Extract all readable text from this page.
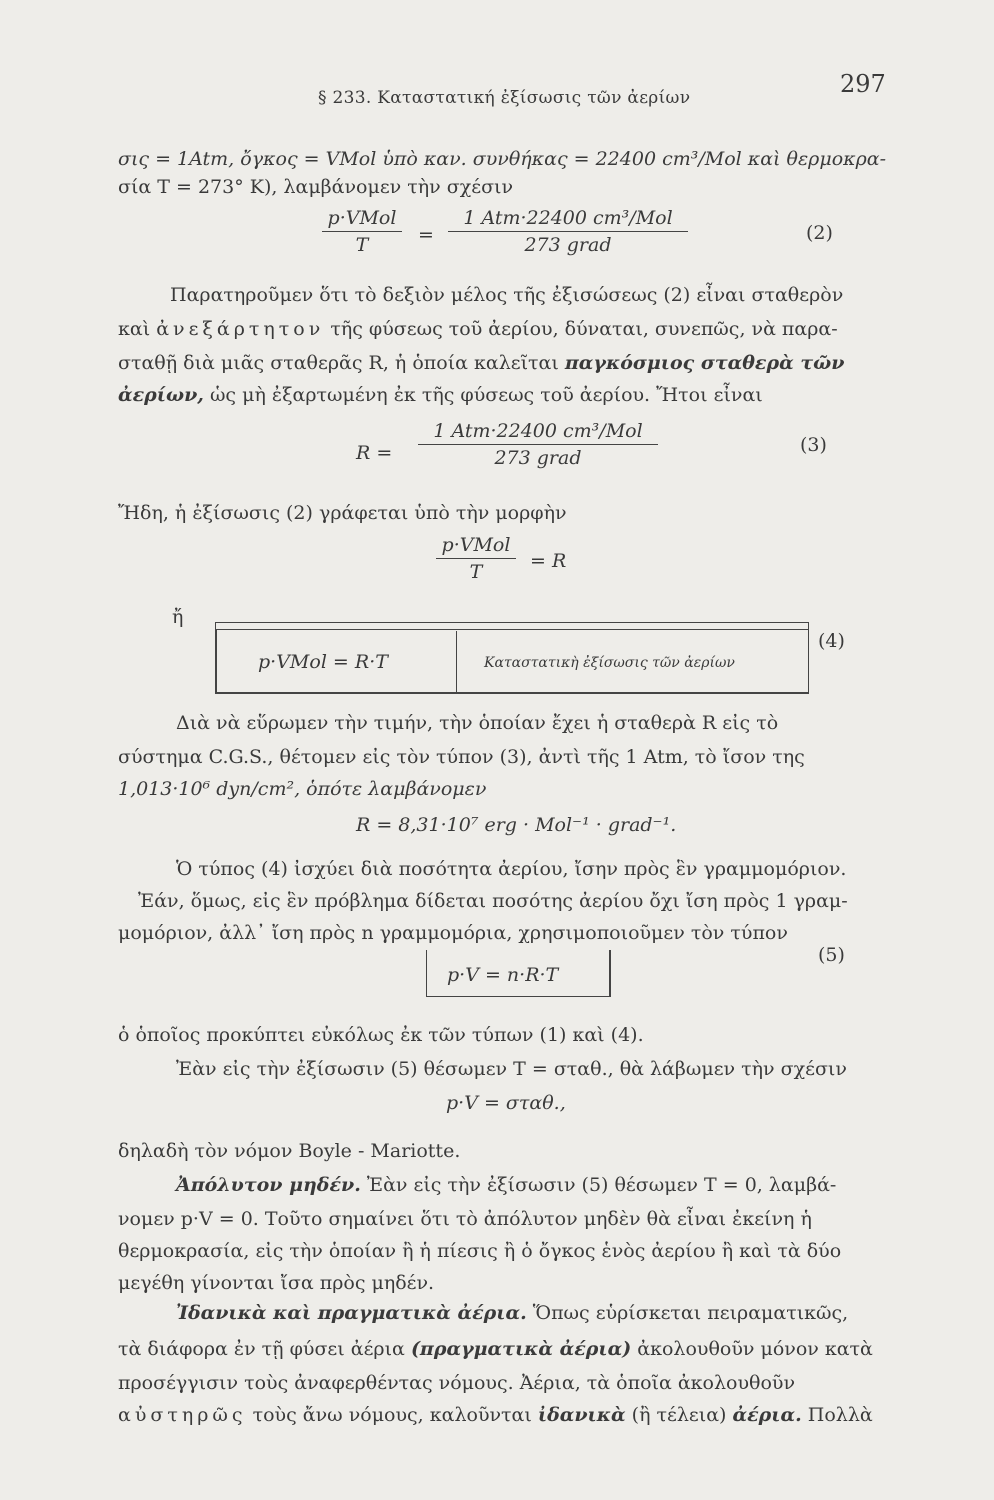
§ 233. Καταστατική ἐξίσωσις τῶν ἀερίων	297
σις = 1Atm, ὄγκος = VMol ὑπὸ καν. συνθήκας = 22400 cm³/Mol καὶ θερμοκρα-
σία T = 273° K), λαμβάνομεν τὴν σχέσιν
p·VMol
T	=
1 Atm·22400 cm³/Mol
273 grad
(2)
Παρατηροῦμεν ὅτι τὸ δεξιὸν μέλος τῆς ἐξισώσεως (2) εἶναι σταθερὸν
καὶ ἀνεξάρτητον τῆς φύσεως τοῦ ἀερίου, δύναται, συνεπῶς, νὰ παρα-
σταθῇ διὰ μιᾶς σταθερᾶς R, ἡ ὁποία καλεῖται παγκόσμιος σταθερὰ τῶν
ἀερίων, ὡς μὴ ἐξαρτωμένη ἐκ τῆς φύσεως τοῦ ἀερίου. Ἤτοι εἶναι
R =
1 Atm·22400 cm³/Mol
273 grad
(3)
Ἤδη, ἡ ἐξίσωσις (2) γράφεται ὑπὸ τὴν μορφὴν
p·VMol
T	= R
ἤ
p·VMol = R·T	Καταστατικὴ ἐξίσωσις τῶν ἀερίων
(4)
Διὰ νὰ εὕρωμεν τὴν τιμήν, τὴν ὁποίαν ἔχει ἡ σταθερὰ R εἰς τὸ
σύστημα C.G.S., θέτομεν εἰς τὸν τύπον (3), ἀντὶ τῆς 1 Atm, τὸ ἴσον της
1,013·10⁶ dyn/cm², ὁπότε λαμβάνομεν
R = 8,31·10⁷ erg · Mol⁻¹ · grad⁻¹.
Ὁ τύπος (4) ἰσχύει διὰ ποσότητα ἀερίου, ἴσην πρὸς ἓν γραμμομόριον.
Ἐάν, ὅμως, εἰς ἓν πρόβλημα δίδεται ποσότης ἀερίου ὄχι ἴση πρὸς 1 γραμ-
μομόριον, ἀλλ᾽ ἴση πρὸς n γραμμομόρια, χρησιμοποιοῦμεν τὸν τύπον
p·V = n·R·T
(5)
ὁ ὁποῖος προκύπτει εὐκόλως ἐκ τῶν τύπων (1) καὶ (4).
Ἐὰν εἰς τὴν ἐξίσωσιν (5) θέσωμεν T = σταθ., θὰ λάβωμεν τὴν σχέσιν
p·V = σταθ.,
δηλαδὴ τὸν νόμον Boyle - Mariotte.
Ἀπόλυτον μηδέν. Ἐὰν εἰς τὴν ἐξίσωσιν (5) θέσωμεν T = 0, λαμβά-
νομεν p·V = 0. Τοῦτο σημαίνει ὅτι τὸ ἀπόλυτον μηδὲν θὰ εἶναι ἐκείνη ἡ
θερμοκρασία, εἰς τὴν ὁποίαν ἢ ἡ πίεσις ἢ ὁ ὄγκος ἑνὸς ἀερίου ἢ καὶ τὰ δύο
μεγέθη γίνονται ἴσα πρὸς μηδέν.
Ἰδανικὰ καὶ πραγματικὰ ἀέρια. Ὅπως εὑρίσκεται πειραματικῶς,
τὰ διάφορα ἐν τῇ φύσει ἀέρια (πραγματικὰ ἀέρια) ἀκολουθοῦν μόνον κατὰ
προσέγγισιν τοὺς ἀναφερθέντας νόμους. Ἀέρια, τὰ ὁποῖα ἀκολουθοῦν
αὐστηρῶς τοὺς ἄνω νόμους, καλοῦνται ἰδανικὰ (ἢ τέλεια) ἀέρια. Πολλὰ
